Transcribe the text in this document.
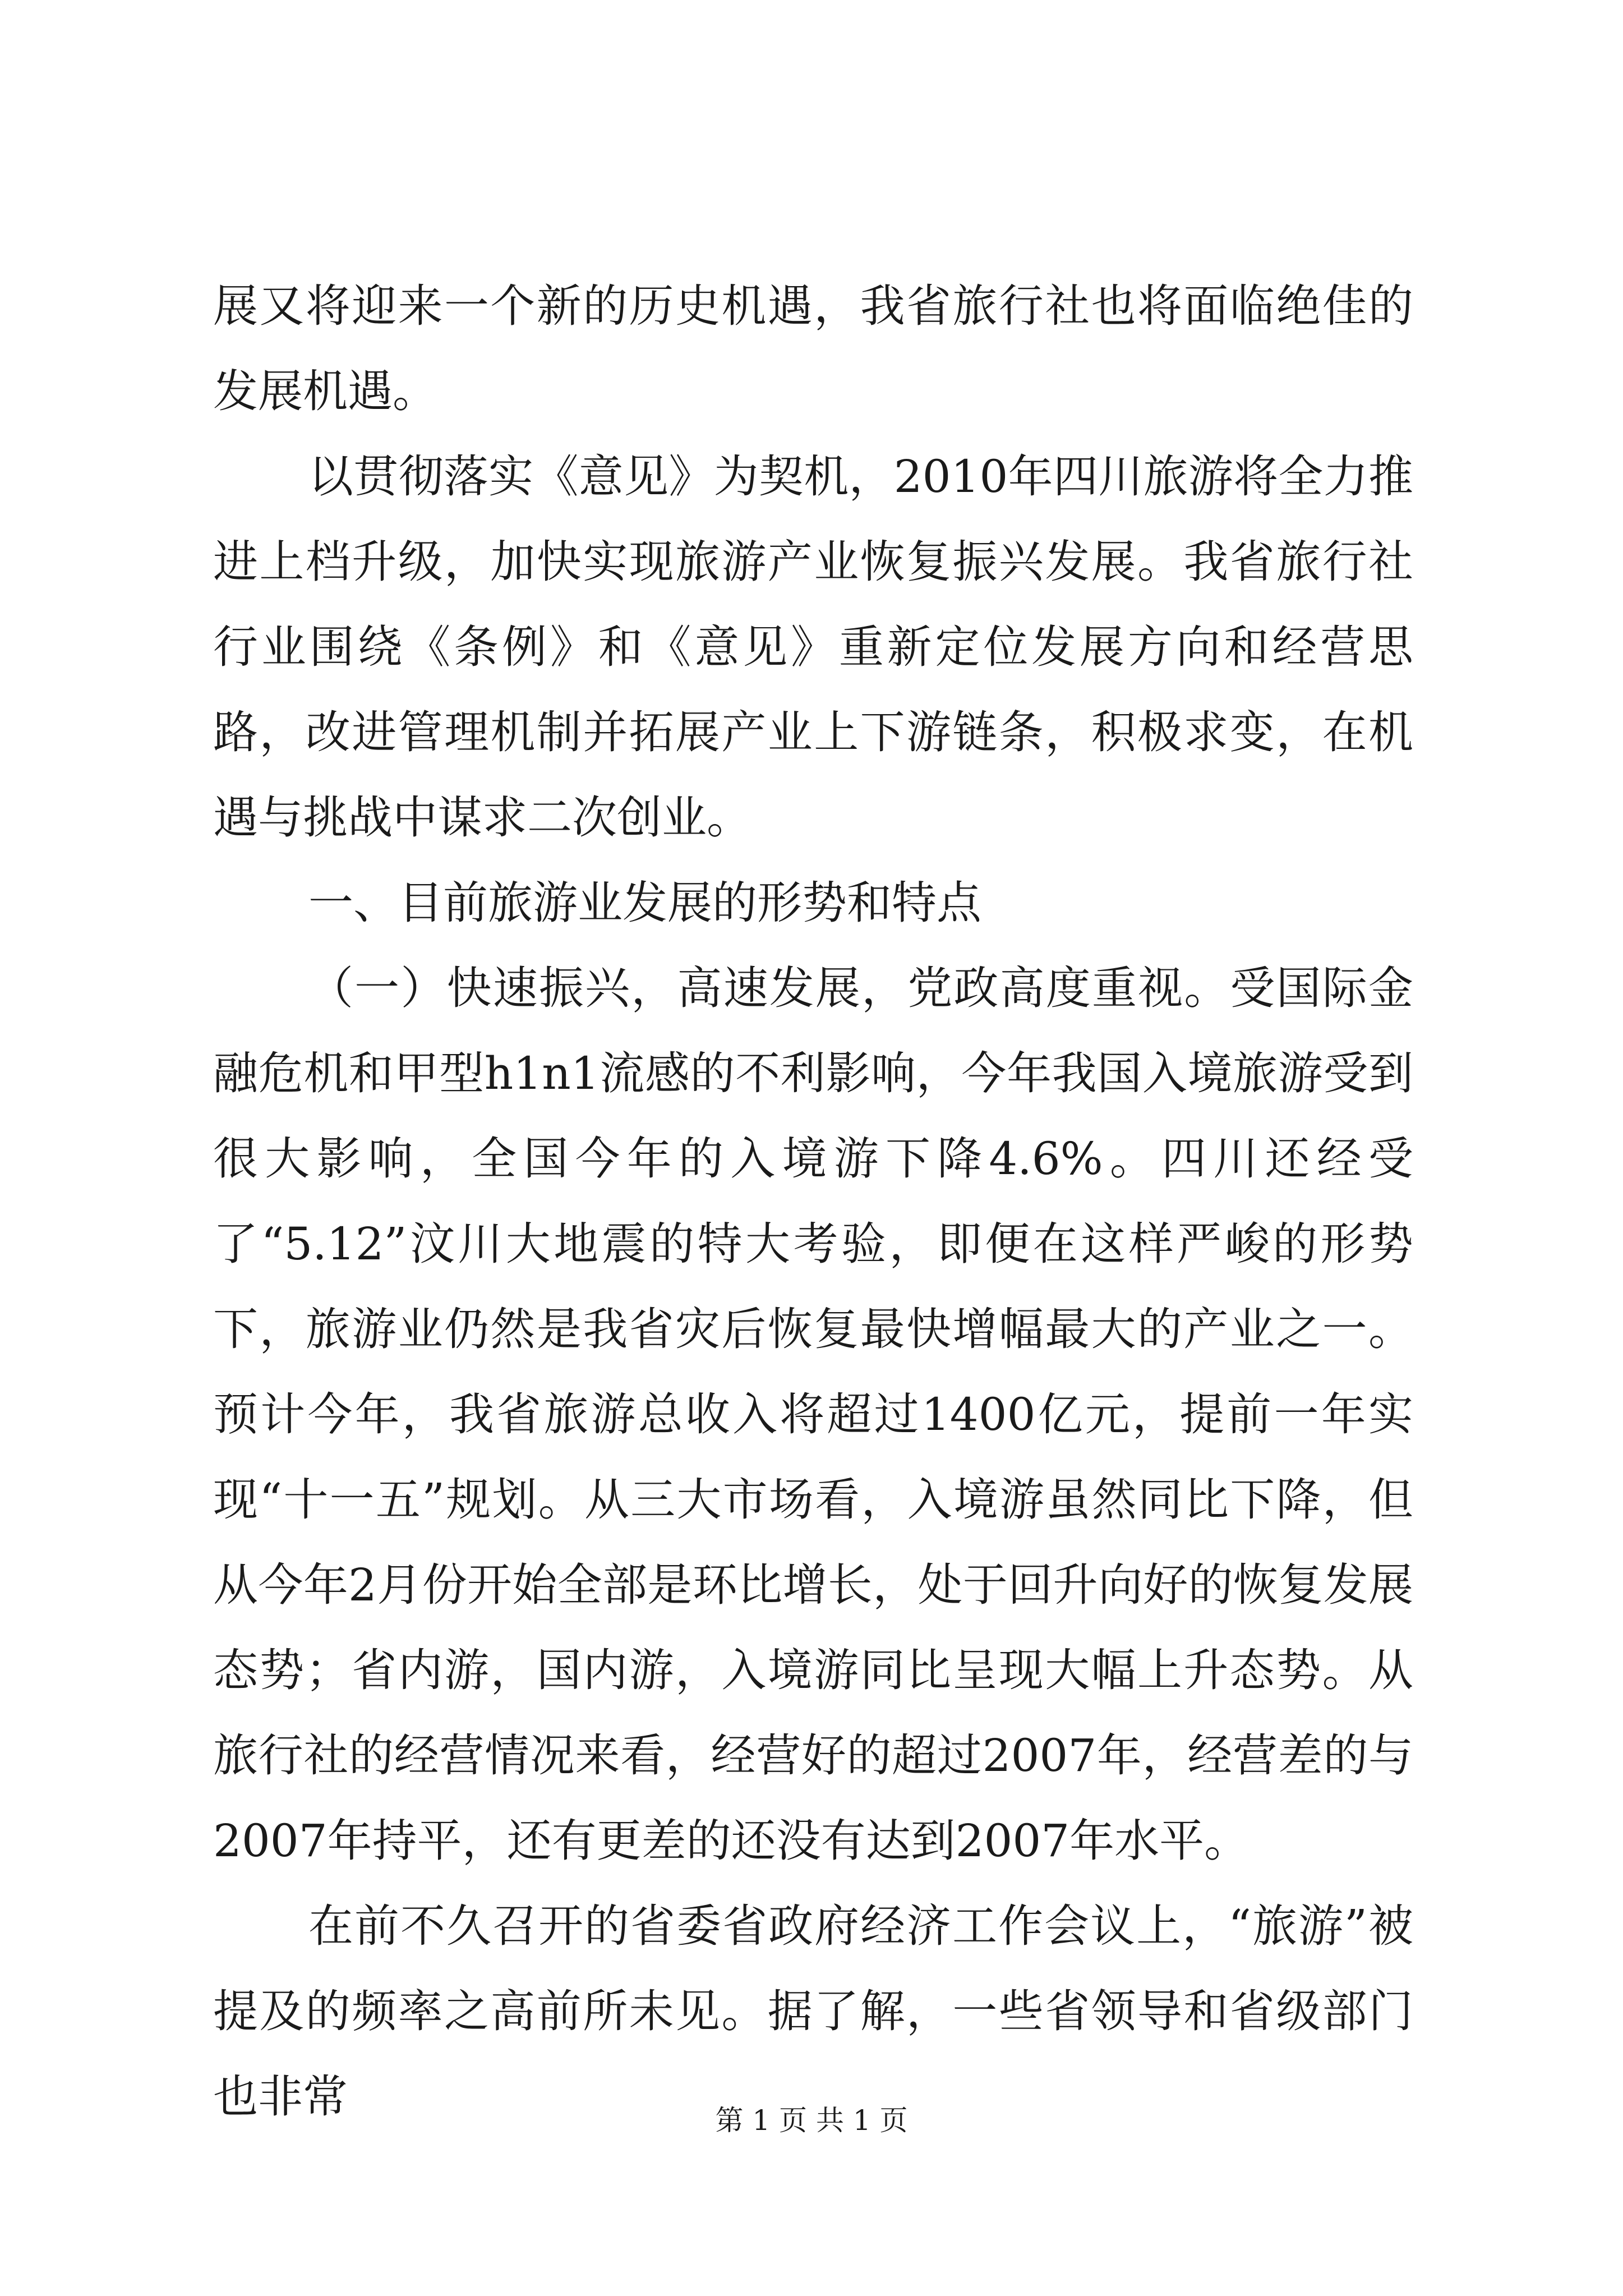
展又将迎来一个新的历史机遇，我省旅行社也将面临绝佳的发展机遇。

以贯彻落实《意见》为契机，2010年四川旅游将全力推进上档升级，加快实现旅游产业恢复振兴发展。我省旅行社行业围绕《条例》和《意见》重新定位发展方向和经营思路，改进管理机制并拓展产业上下游链条，积极求变，在机遇与挑战中谋求二次创业。

一、目前旅游业发展的形势和特点

（一）快速振兴，高速发展，党政高度重视。受国际金融危机和甲型h1n1流感的不利影响，今年我国入境旅游受到很大影响，全国今年的入境游下降4.6%。四川还经受了“5.12”汶川大地震的特大考验，即便在这样严峻的形势下，旅游业仍然是我省灾后恢复最快增幅最大的产业之一。预计今年，我省旅游总收入将超过1400亿元，提前一年实现“十一五”规划。从三大市场看，入境游虽然同比下降，但从今年2月份开始全部是环比增长，处于回升向好的恢复发展态势；省内游，国内游，入境游同比呈现大幅上升态势。从旅行社的经营情况来看，经营好的超过2007年，经营差的与2007年持平，还有更差的还没有达到2007年水平。

在前不久召开的省委省政府经济工作会议上，“旅游”被提及的频率之高前所未见。据了解，一些省领导和省级部门也非常	第 1 页 共 1 页
